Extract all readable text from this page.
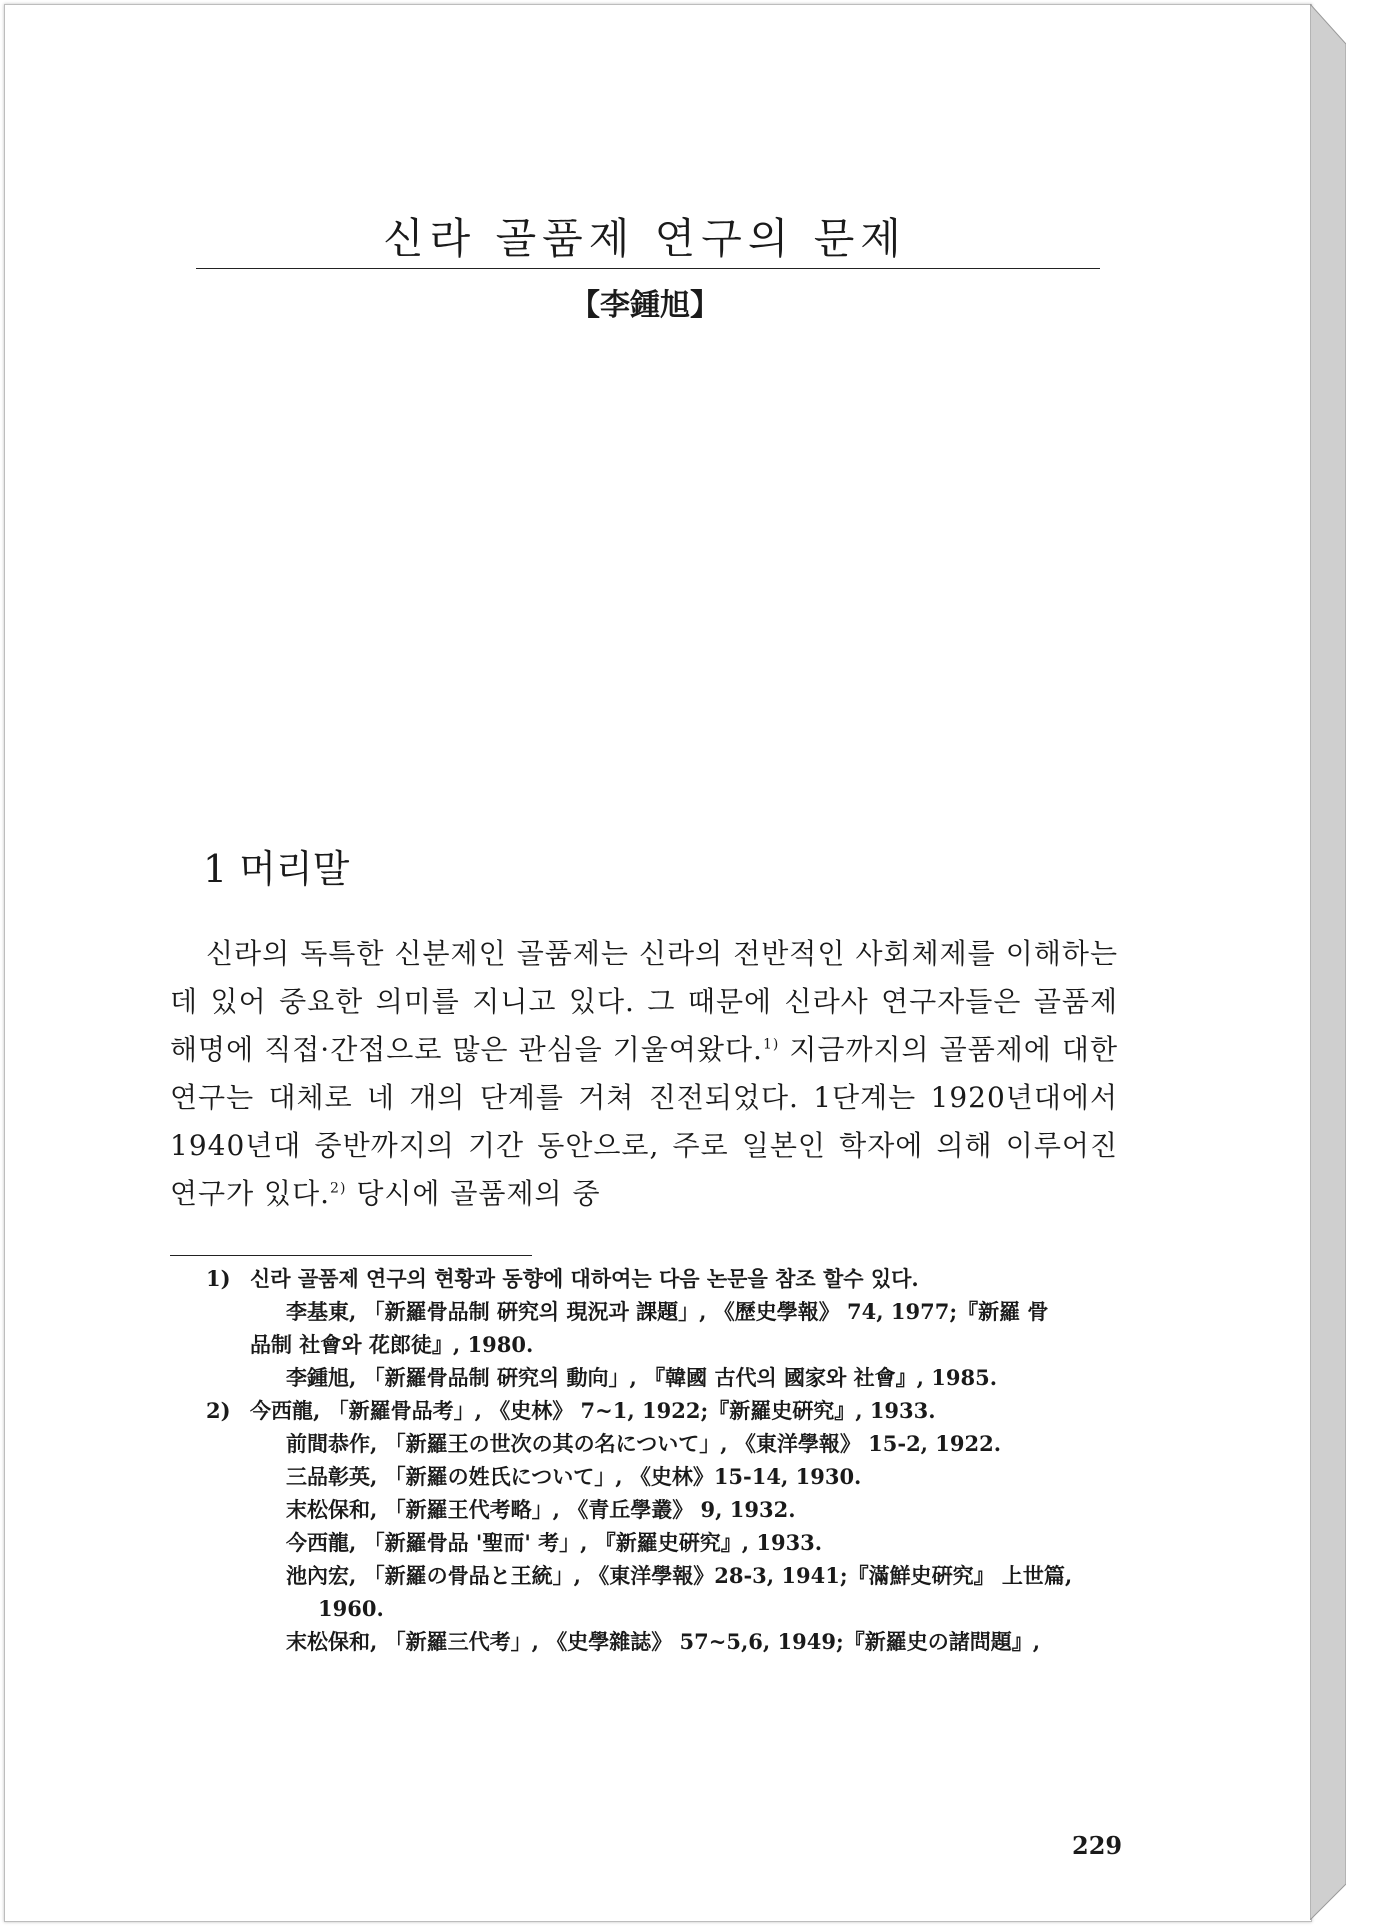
신라 골품제 연구의 문제
【李鍾旭】
1 머리말

신라의 독특한 신분제인 골품제는 신라의 전반적인 사회체제를 이해하는 데 있어 중요한 의미를 지니고 있다. 그 때문에 신라사 연구자들은 골품제 해명에 직접·간접으로 많은 관심을 기울여왔다.$^{1)}$ 지금까지의 골품제에 대한 연구는 대체로 네 개의 단계를 거쳐 진전되었다. 1단계는 1920년대에서 1940년대 중반까지의 기간 동안으로, 주로 일본인 학자에 의해 이루어진 연구가 있다.$^{2)}$ 당시에 골품제의 중

1) 신라 골품제 연구의 현황과 동향에 대하여는 다음 논문을 참조 할수 있다.
李基東, 「新羅骨品制 硏究의 現況과 課題」, 《歷史學報》 74, 1977;『新羅 骨
品制 社會와 花郎徒』, 1980.
李鍾旭, 「新羅骨品制 硏究의 動向」, 『韓國 古代의 國家와 社會』, 1985.
2) 今西龍, 「新羅骨品考」, 《史林》 7~1, 1922;『新羅史硏究』, 1933.
前間恭作, 「新羅王の世次の其の名について」, 《東洋學報》 15-2, 1922.
三品彰英, 「新羅の姓氏について」, 《史林》15-14, 1930.
末松保和, 「新羅王代考略」, 《青丘學叢》 9, 1932.
今西龍, 「新羅骨品 '聖而' 考」, 『新羅史硏究』, 1933.
池內宏, 「新羅の骨品と王統」, 《東洋學報》28-3, 1941;『滿鮮史硏究』 上世篇,
1960.
末松保和, 「新羅三代考」, 《史學雜誌》 57~5,6, 1949;『新羅史の諸問題』,
229
